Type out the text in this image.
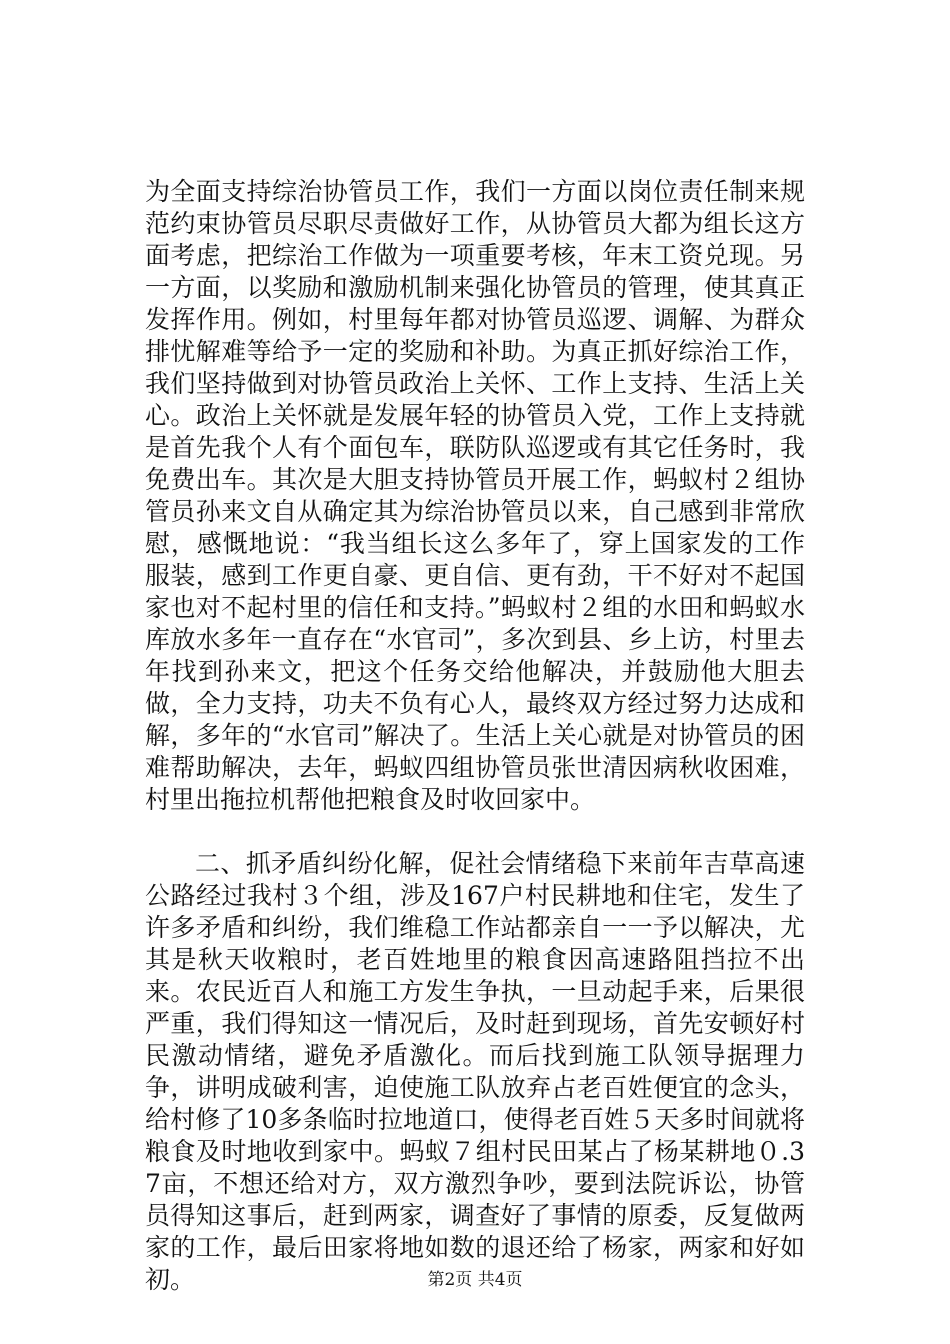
为全面支持综治协管员工作，我们一方面以岗位责任制来规范约束协管员尽职尽责做好工作，从协管员大都为组长这方面考虑，把综治工作做为一项重要考核，年末工资兑现。另一方面，以奖励和激励机制来强化协管员的管理，使其真正发挥作用。例如，村里每年都对协管员巡逻、调解、为群众排忧解难等给予一定的奖励和补助。为真正抓好综治工作，我们坚持做到对协管员政治上关怀、工作上支持、生活上关心。政治上关怀就是发展年轻的协管员入党，工作上支持就是首先我个人有个面包车，联防队巡逻或有其它任务时，我免费出车。其次是大胆支持协管员开展工作，蚂蚁村２组协管员孙来文自从确定其为综治协管员以来，自己感到非常欣慰，感慨地说：“我当组长这么多年了，穿上国家发的工作服装，感到工作更自豪、更自信、更有劲，干不好对不起国家也对不起村里的信任和支持。”蚂蚁村２组的水田和蚂蚁水库放水多年一直存在“水官司”，多次到县、乡上访，村里去年找到孙来文，把这个任务交给他解决，并鼓励他大胆去做，全力支持，功夫不负有心人，最终双方经过努力达成和解，多年的“水官司”解决了。生活上关心就是对协管员的困难帮助解决，去年，蚂蚁四组协管员张世清因病秋收困难，村里出拖拉机帮他把粮食及时收回家中。

二、抓矛盾纠纷化解，促社会情绪稳下来前年吉草高速公路经过我村３个组，涉及167户村民耕地和住宅，发生了许多矛盾和纠纷，我们维稳工作站都亲自一一予以解决，尤其是秋天收粮时，老百姓地里的粮食因高速路阻挡拉不出来。农民近百人和施工方发生争执，一旦动起手来，后果很严重，我们得知这一情况后，及时赶到现场，首先安顿好村民激动情绪，避免矛盾激化。而后找到施工队领导据理力争，讲明成破利害，迫使施工队放弃占老百姓便宜的念头，给村修了10多条临时拉地道口，使得老百姓５天多时间就将粮食及时地收到家中。蚂蚁７组村民田某占了杨某耕地０.37亩，不想还给对方，双方激烈争吵，要到法院诉讼，协管员得知这事后，赶到两家，调查好了事情的原委，反复做两家的工作，最后田家将地如数的退还给了杨家，两家和好如初。	第2页 共4页
